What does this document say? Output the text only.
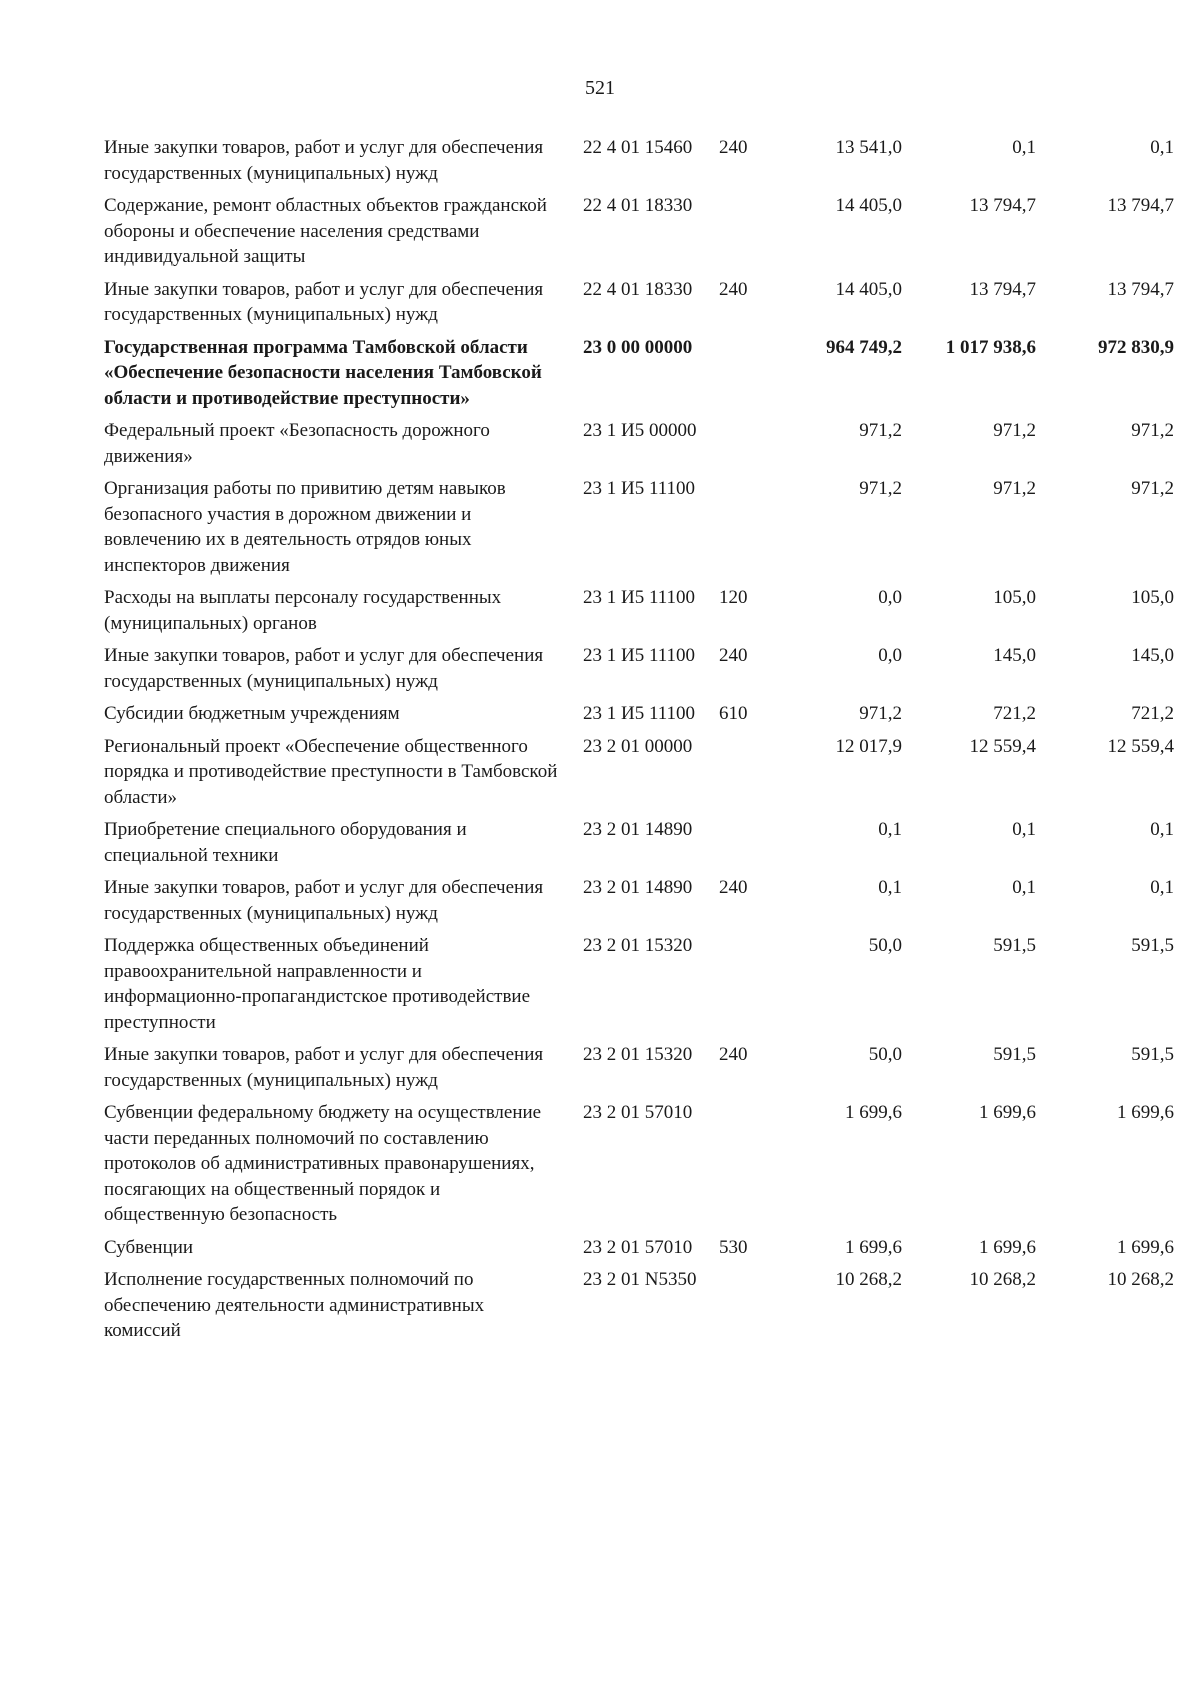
521
Иные закупки товаров, работ и услуг для обеспечения государственных (муниципальных) нужд	22 4 01 15460	240	13 541,0	0,1	0,1
Содержание, ремонт областных объектов гражданской обороны и обеспечение населения средствами индивидуальной защиты	22 4 01 18330		14 405,0	13 794,7	13 794,7
Иные закупки товаров, работ и услуг для обеспечения государственных (муниципальных) нужд	22 4 01 18330	240	14 405,0	13 794,7	13 794,7
Государственная программа Тамбовской области «Обеспечение безопасности населения Тамбовской области и противодействие преступности»	23 0 00 00000		964 749,2	1 017 938,6	972 830,9
Федеральный проект «Безопасность дорожного движения»	23 1 И5 00000		971,2	971,2	971,2
Организация работы по привитию детям навыков безопасного участия в дорожном движении и вовлечению их в деятельность отрядов юных инспекторов движения	23 1 И5 11100		971,2	971,2	971,2
Расходы на выплаты персоналу государственных (муниципальных) органов	23 1 И5 11100	120	0,0	105,0	105,0
Иные закупки товаров, работ и услуг для обеспечения государственных (муниципальных) нужд	23 1 И5 11100	240	0,0	145,0	145,0
Субсидии бюджетным учреждениям	23 1 И5 11100	610	971,2	721,2	721,2
Региональный проект «Обеспечение общественного порядка и противодействие преступности в Тамбовской области»	23 2 01 00000		12 017,9	12 559,4	12 559,4
Приобретение специального оборудования и специальной техники	23 2 01 14890		0,1	0,1	0,1
Иные закупки товаров, работ и услуг для обеспечения государственных (муниципальных) нужд	23 2 01 14890	240	0,1	0,1	0,1
Поддержка общественных объединений правоохранительной направленности и информационно-пропагандистское противодействие преступности	23 2 01 15320		50,0	591,5	591,5
Иные закупки товаров, работ и услуг для обеспечения государственных (муниципальных) нужд	23 2 01 15320	240	50,0	591,5	591,5
Субвенции федеральному бюджету на осуществление части переданных полномочий по составлению протоколов об административных правонарушениях, посягающих на общественный порядок и общественную безопасность	23 2 01 57010		1 699,6	1 699,6	1 699,6
Субвенции	23 2 01 57010	530	1 699,6	1 699,6	1 699,6
Исполнение государственных полномочий по обеспечению деятельности административных комиссий	23 2 01 N5350		10 268,2	10 268,2	10 268,2
